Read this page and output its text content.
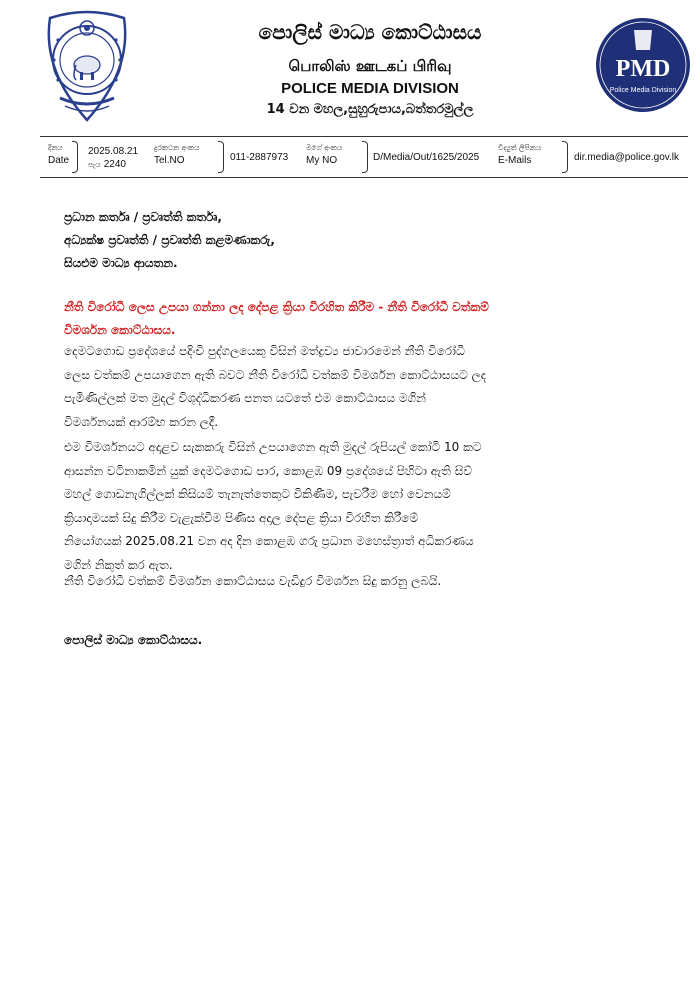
පොලිස් මාධ්‍ය කොට්ඨාසය
பொலிஸ் ஊடகப் பிரிவு
POLICE MEDIA DIVISION
14 වන මහල,සුහුරුපාය,බත්තරමුල්ල
PMD
Police Media Division
දිනය
Date
2025.08.21
පැය 2240
දුරකථන අංකය
Tel.NO	011-2887973
මගේ අංකය
My NO	D/Media/Out/1625/2025
විද්‍යුත් ලිපිනය
E-Mails	dir.media@police.gov.lk
ප්‍රධාන කර්තෘ / ප්‍රවෘත්ති කර්තෘ,
අධ්‍යක්ෂ ප්‍රවෘත්ති / ප්‍රවෘත්ති කළමණාකරු,
සියළුම මාධ්‍ය ආයතන.
නීති විරෝධී ලෙස උපයා ගන්නා ලද දේපළ ක්‍රියා විරහිත කිරීම - නීති විරෝධී වත්කම්
විමර්ශන කොට්ඨාසය.
දෙමටගොඩ ප්‍රදේශයේ පදිංචි පුද්ගලයෙකු විසින් මත්ද්‍රව්‍ය ජාවාරමෙන් නීති විරෝධී
ලෙස වත්කම් උපයාගෙන ඇති බවට නීති විරෝධී වත්කම් විමර්ශන කොට්ඨාසයට ලද
පැමිණිල්ලක් මත මුදල් විශුද්ධිකරණ පනත යටතේ එම කොට්ඨාසය මගින්
විමර්ශනයක් ආරම්භ කරන ලදී.
එම විමර්ශනයට අදාළව සැකකරු විසින් උපයාගෙන ඇති මුදල් රුපියල් කෝටි 10 කට
ආසන්න වටිනාකමින් යුක් දෙමටගොඩ පාර, කොළඹ 09 ප්‍රදේශයේ පිහිටා ඇති සිව්
මහල් ගොඩනැගිල්ලක් කිසියම් තැනැත්තෙකුට විකිණීම, පැවරීම හෝ වෙනයම්
ක්‍රියාදාමයක් සිදු කිරීම වැළැක්වීම පිණිස අදාල දේපළ ක්‍රියා විරහිත කිරීමේ
නියෝගයක් 2025.08.21 වන අද දින කොළඹ ගරු ප්‍රධාන මහෙස්ත්‍රාත් අධිකරණය
මගින් නිකුත් කර ඇත.
නීති විරෝධී වත්කම් විමර්ශන කොට්ඨාසය වැඩිදුර විමර්ශන සිදු කරනු ලබයි.
පොලිස් මාධ්‍ය කොට්ඨාසය.
